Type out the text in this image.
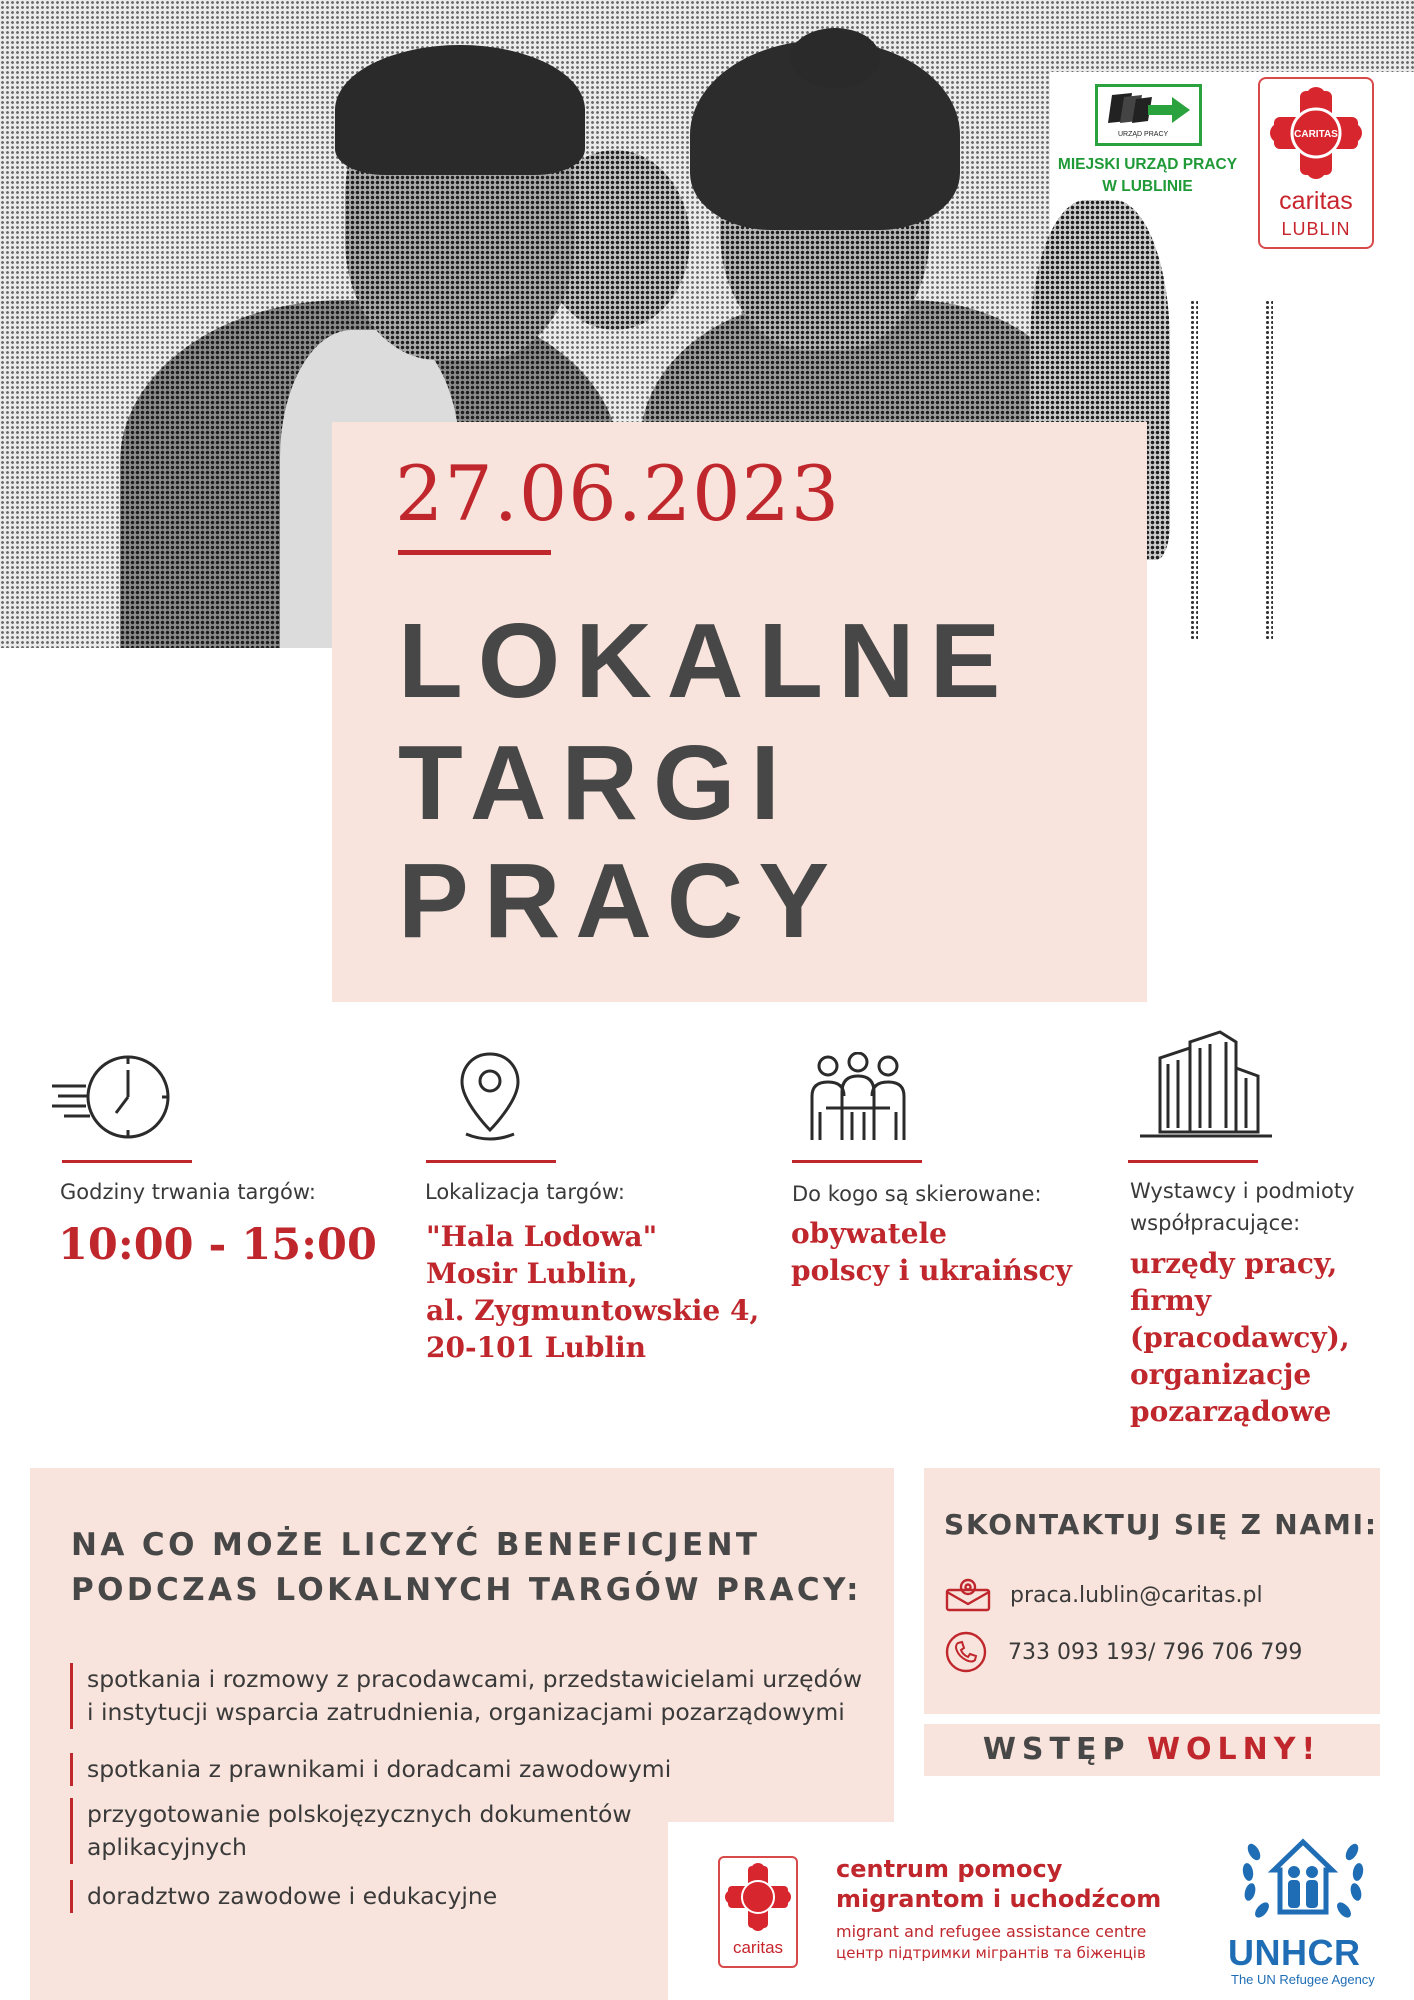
URZĄD PRACY
MIEJSKI URZĄD PRACY
W LUBLINIE
CARITAS
caritas
LUBLIN
27.06.2023
LOKALNE
TARGI
PRACY
Godziny trwania targów:
10:00 - 15:00
Lokalizacja targów:
"Hala Lodowa"
Mosir Lublin,
al. Zygmuntowskie 4,
20-101 Lublin
Do kogo są skierowane:
obywatele
polscy i ukraińscy
Wystawcy i podmioty
współpracujące:
urzędy pracy,
firmy
(pracodawcy),
organizacje
pozarządowe
NA CO MOŻE LICZYĆ BENEFICJENT
PODCZAS LOKALNYCH TARGÓW PRACY:
spotkania i rozmowy z pracodawcami, przedstawicielami urzędów
i instytucji wsparcia zatrudnienia, organizacjami pozarządowymi
spotkania z prawnikami i doradcami zawodowymi
przygotowanie polskojęzycznych dokumentów
aplikacyjnych
doradztwo zawodowe i edukacyjne
SKONTAKTUJ SIĘ Z NAMI:
praca.lublin@caritas.pl
733 093 193/ 796 706 799
WSTĘP WOLNY!
caritas
centrum pomocy
migrantom i uchodźcom
migrant and refugee assistance centre
центр підтримки мігрантів та біженців UNHCR
The UN Refugee Agency
